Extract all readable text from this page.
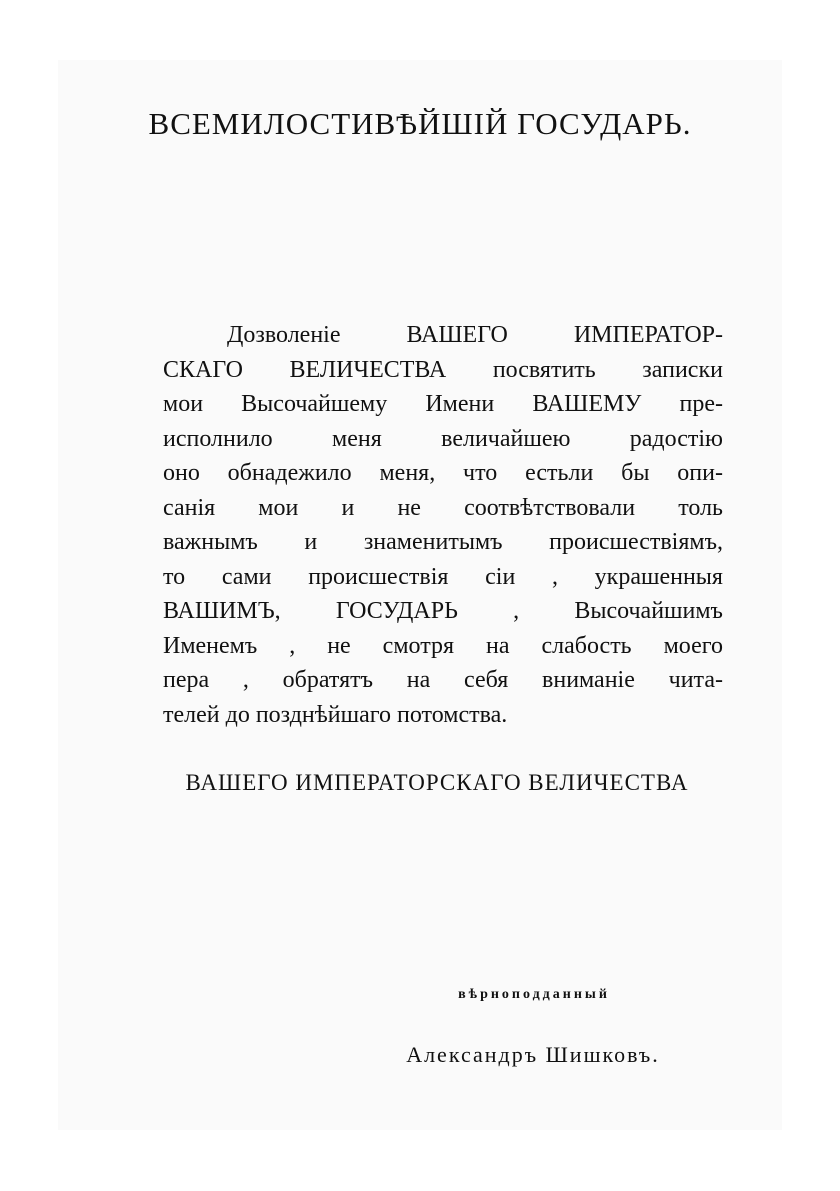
ВСЕМИЛОСТИВѢЙШІЙ ГОСУДАРЬ.
Дозволеніе	ВАШЕГО	ИМПЕРАТОР-
СКАГО ВЕЛИЧЕСТВА посвятить записки
мои Высочайшему Имени ВАШЕМУ пре-
исполнило меня величайшею радостію
оно обнадежило меня, что естьли бы опи-
санія мои и не соотвѣтствовали толь
важнымъ и знаменитымъ происшествіямъ,
то сами происшествія сіи , украшенныя
ВАШИМЪ, ГОСУДАРЬ , Высочайшимъ
Именемъ , не смотря на слабость моего
пера , обратятъ на себя вниманіе чита-
телей до позднѣйшаго потомства.
ВАШЕГО ИМПЕРАТОРСКАГО ВЕЛИЧЕСТВА
вѣрноподданный
Александръ Шишковъ.
